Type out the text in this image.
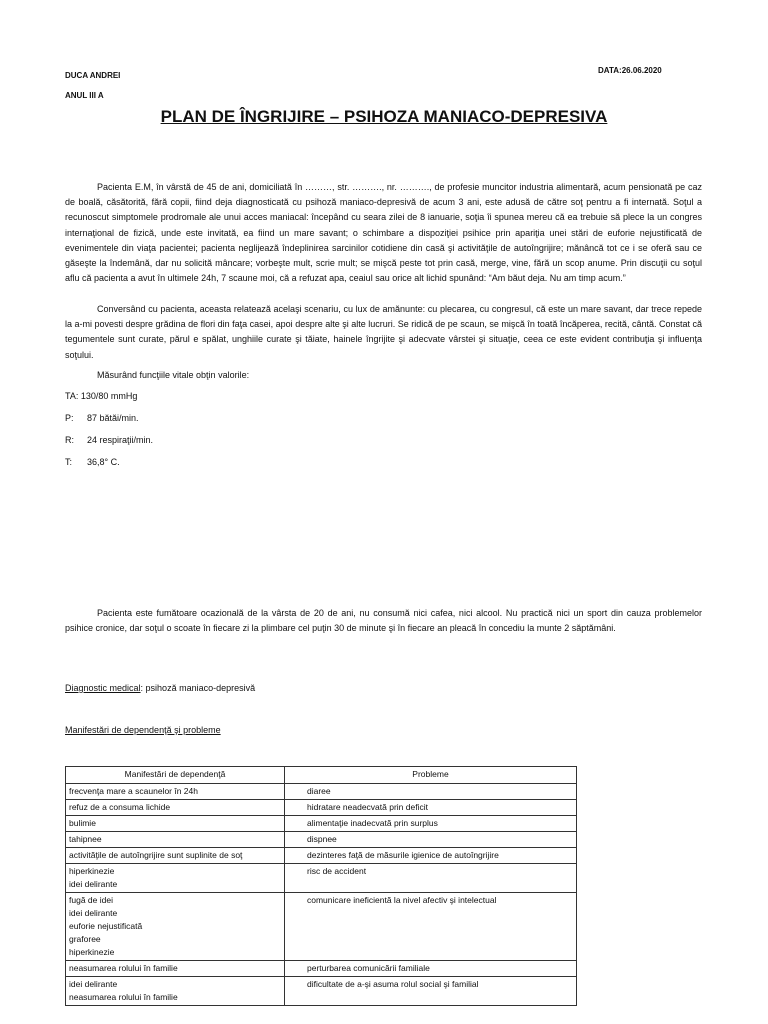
DUCA ANDREI
ANUL III A
DATA:26.06.2020
PLAN DE ÎNGRIJIRE – PSIHOZA MANIACO-DEPRESIVA

Pacienta E.M, în vârstă de 45 de ani, domiciliată în ………, str. ………., nr. ………., de profesie muncitor industria alimentară, acum pensionată pe caz de boală, căsătorită, fără copii, fiind deja diagnosticată cu psihoză maniaco-depresivă de acum 3 ani, este adusă de către soţ pentru a fi internată. Soţul a recunoscut simptomele prodromale ale unui acces maniacal: începând cu seara zilei de 8 ianuarie, soţia îi spunea mereu că ea trebuie să plece la un congres internaţional de fizică, unde este invitată, ea fiind un mare savant; o schimbare a dispoziţiei psihice prin apariţia unei stări de euforie nejustificată de evenimentele din viaţa pacientei; pacienta neglijează îndeplinirea sarcinilor cotidiene din casă şi activităţile de autoîngrijire; mănâncă tot ce i se oferă sau ce găseşte la îndemână, dar nu solicită mâncare; vorbeşte mult, scrie mult; se mişcă peste tot prin casă, merge, vine, fără un scop anume. Prin discuţii cu soţul aflu că pacienta a avut în ultimele 24h, 7 scaune moi, că a refuzat apa, ceaiul sau orice alt lichid spunând: “Am băut deja. Nu am timp acum.”

Conversând cu pacienta, aceasta relatează acelaşi scenariu, cu lux de amănunte: cu plecarea, cu congresul, că este un mare savant, dar trece repede la a-mi povesti despre grădina de flori din faţa casei, apoi despre alte şi alte lucruri. Se ridică de pe scaun, se mişcă în toată încăperea, recită, cântă. Constat că tegumentele sunt curate, părul e spălat, unghiile curate şi tăiate, hainele îngrijite şi adecvate vârstei şi situaţie, ceea ce este evident contribuţia şi influenţa soţului.

Măsurând funcţiile vitale obţin valorile:

TA: 130/80 mmHg
P: 87 bătăi/min.
R: 24 respiraţii/min.
T: 36,8° C.

Pacienta este fumătoare ocazională de la vârsta de 20 de ani, nu consumă nici cafea, nici alcool. Nu practică nici un sport din cauza problemelor psihice cronice, dar soţul o scoate în fiecare zi la plimbare cel puţin 30 de minute şi în fiecare an pleacă în concediu la munte 2 săptămâni.

Diagnostic medical: psihoză maniaco-depresivă
Manifestări de dependenţă şi probleme
Manifestări de dependenţă	Probleme

frecvenţa mare a scaunelor în 24h	diaree

refuz de a consuma lichide	hidratare neadecvată prin deficit

bulimie	alimentaţie inadecvată prin surplus

tahipnee	dispnee

activităţile de autoîngrijire sunt suplinite de soţ	dezinteres faţă de măsurile igienice de autoîngrijire

hiperkinezie
idei delirante	risc de accident

fugă de idei
idei delirante
euforie nejustificată
graforee
hiperkinezie	comunicare ineficientă la nivel afectiv şi intelectual

neasumarea rolului în familie	perturbarea comunicării familiale

idei delirante
neasumarea rolului în familie	dificultate de a-şi asuma rolul social şi familial
